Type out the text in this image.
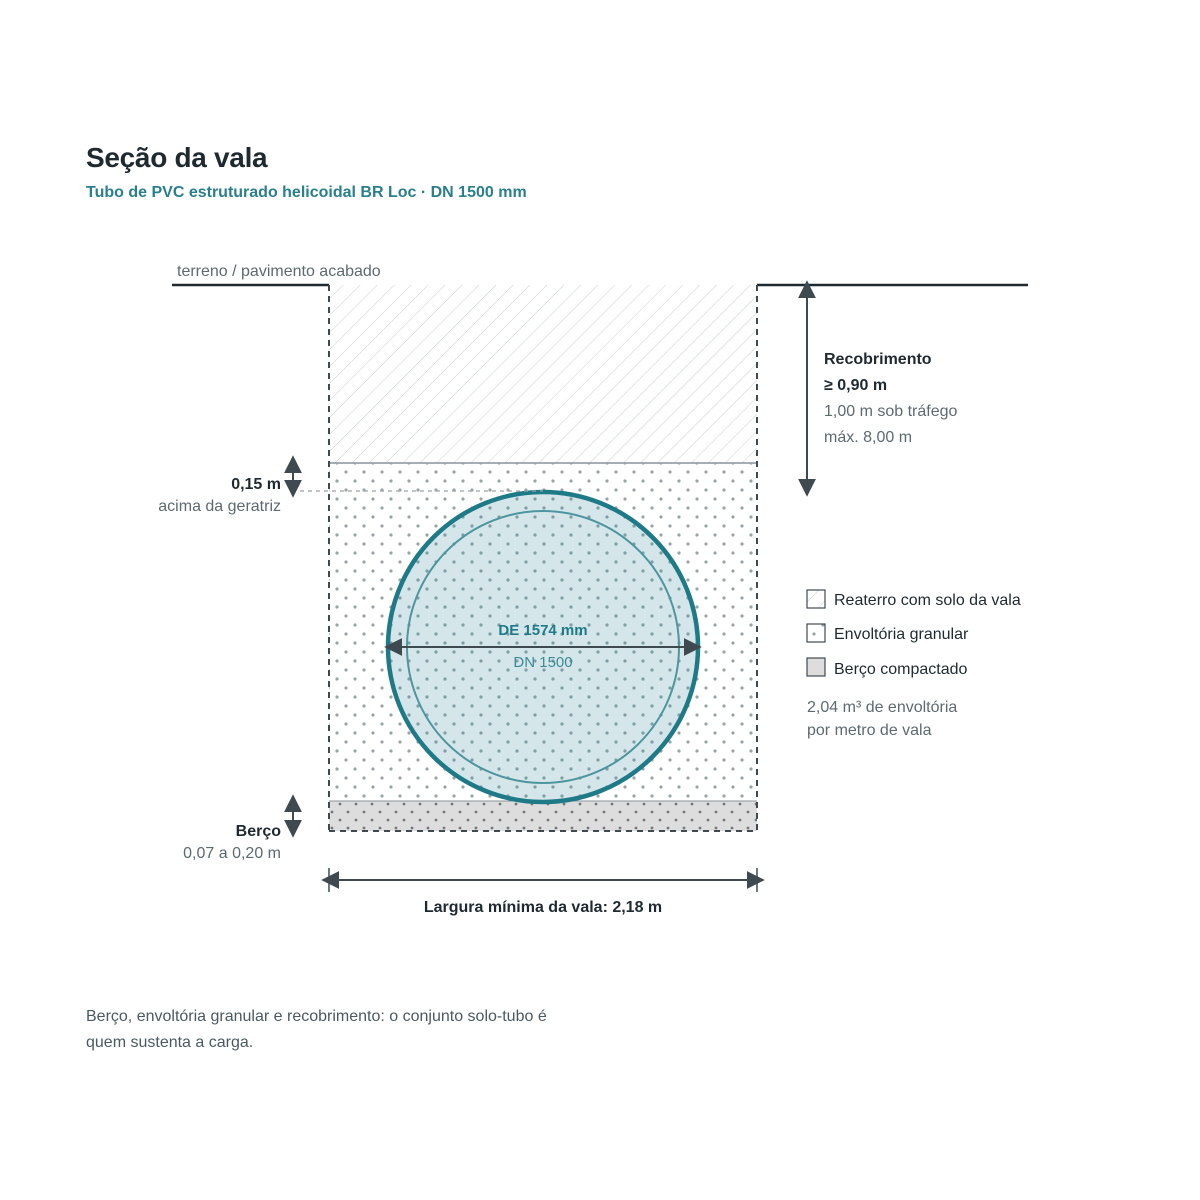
Seção da vala

Tubo de PVC estruturado helicoidal BR Loc · DN 1500 mm

terreno / pavimento acabado
DE 1574 mm
DN 1500
Recobrimento
≥ 0,90 m
1,00 m sob tráfego
máx. 8,00 m
0,15 m
acima da geratriz
Berço
0,07 a 0,20 m
Largura mínima da vala: 2,18 m
Reaterro com solo da vala
Envoltória granular
Berço compactado
2,04 m³ de envoltória
por metro de vala

Berço, envoltória granular e recobrimento: o conjunto solo-tubo é
quem sustenta a carga.
